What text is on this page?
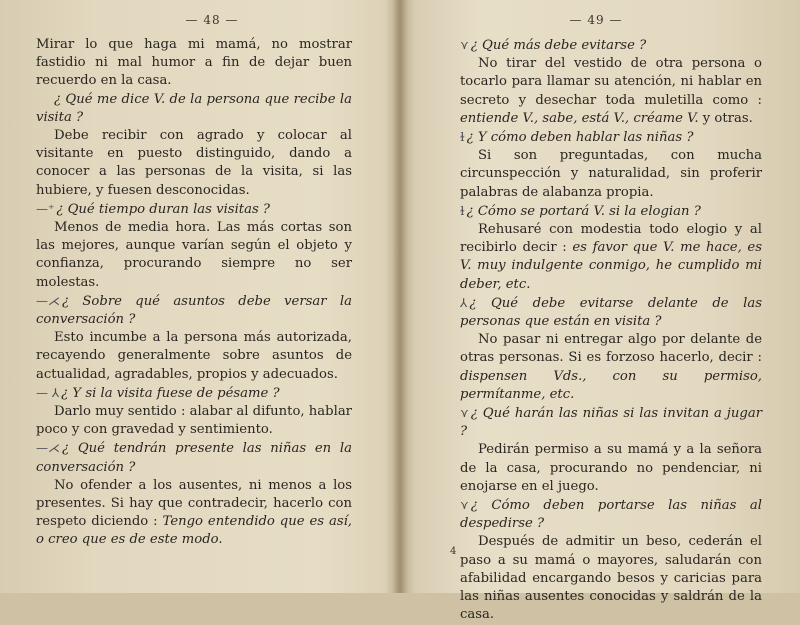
— 48 —

Mirar lo que haga mi mamá, no mostrar fastidio ni mal humor a fin de dejar buen recuerdo en la casa.

¿ Qué me dice V. de la persona que recibe la visita ?

Debe recibir con agrado y colocar al visitante en puesto distinguido, dando a conocer a las personas de la visita, si las hubiere, y fuesen desconocidas.

—⁺ ¿ Qué tiempo duran las visitas ?

Menos de media hora. Las más cortas son las mejores, aunque varían según el objeto y confianza, procurando siempre no ser molestas.

—⋌ ¿ Sobre qué asuntos debe versar la conversación ?

Esto incumbe a la persona más autorizada, recayendo generalmente sobre asuntos de actualidad, agradables, propios y adecuados.

— ⅄ ¿ Y si la visita fuese de pésame ?

Darlo muy sentido : alabar al difunto, hablar poco y con gravedad y sentimiento.

—⋌ ¿ Qué tendrán presente las niñas en la conversación ?

No ofender a los ausentes, ni menos a los presentes. Si hay que contradecir, hacerlo con respeto diciendo : Tengo entendido que es así, o creo que es de este modo.

— 49 —

⋎ ¿ Qué más debe evitarse ?

No tirar del vestido de otra persona o tocarlo para llamar su atención, ni hablar en secreto y desechar toda muletilla como : entiende V., sabe, está V., créame V. y otras.

ɫ ¿ Y cómo deben hablar las niñas ?

Si son preguntadas, con mucha circunspección y naturalidad, sin proferir palabras de alabanza propia.

ɫ ¿ Cómo se portará V. si la elogian ?

Rehusaré con modestia todo elogio y al recibirlo decir : es favor que V. me hace, es V. muy indulgente conmigo, he cumplido mi deber, etc.

⅄ ¿ Qué debe evitarse delante de las personas que están en visita ?

No pasar ni entregar algo por delante de otras personas. Si es forzoso hacerlo, decir : dispensen Vds., con su permiso, permítanme, etc.

⋎ ¿ Qué harán las niñas si las invitan a jugar ?

Pedirán permiso a su mamá y a la señora de la casa, procurando no pendenciar, ni enojarse en el juego.

⋎ ¿ Cómo deben portarse las niñas al despedirse ?

Después de admitir un beso, cederán el paso a su mamá o mayores, saludarán con afabilidad encargando besos y caricias para las niñas ausentes conocidas y saldrán de la casa.

4
